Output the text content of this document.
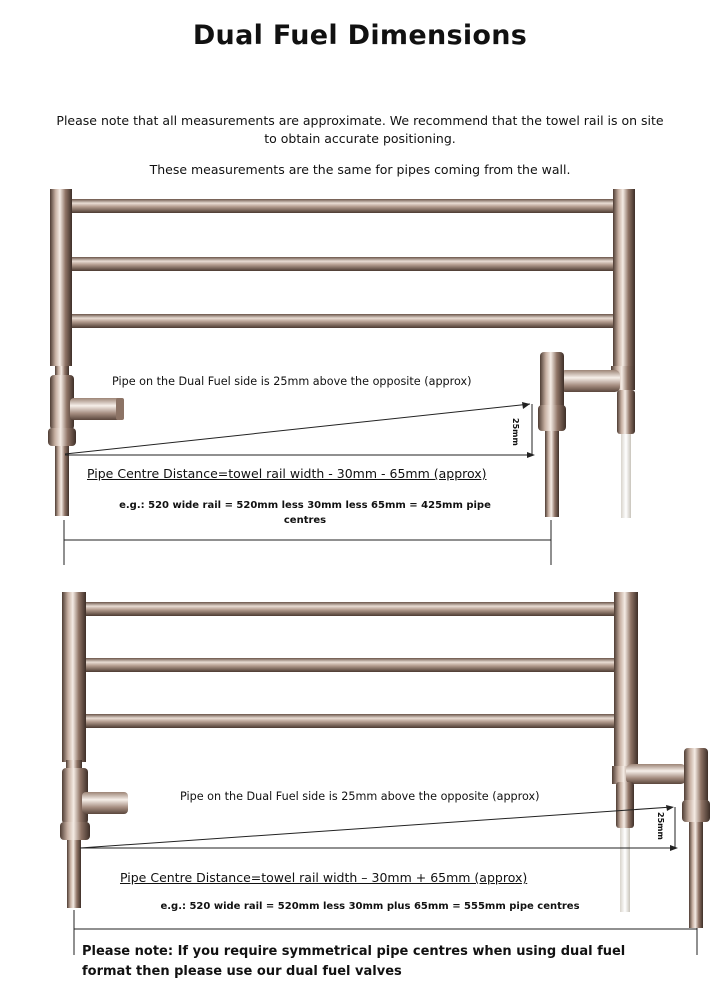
Dual Fuel Dimensions
Please note that all measurements are approximate. We recommend that the towel rail is on site to obtain accurate positioning.
These measurements are the same for pipes coming from the wall.
Pipe on the Dual Fuel side is 25mm above the opposite (approx)
25mm
Pipe Centre Distance=towel rail width - 30mm - 65mm (approx)
e.g.: 520 wide rail = 520mm less 30mm less 65mm = 425mm pipe
centres
Pipe on the Dual Fuel side is 25mm above the opposite (approx)
25mm
Pipe Centre Distance=towel rail width – 30mm + 65mm (approx)
e.g.: 520 wide rail = 520mm less 30mm plus 65mm = 555mm pipe centres
Please note: If you require symmetrical pipe centres when using dual fuel
format then please use our dual fuel valves
